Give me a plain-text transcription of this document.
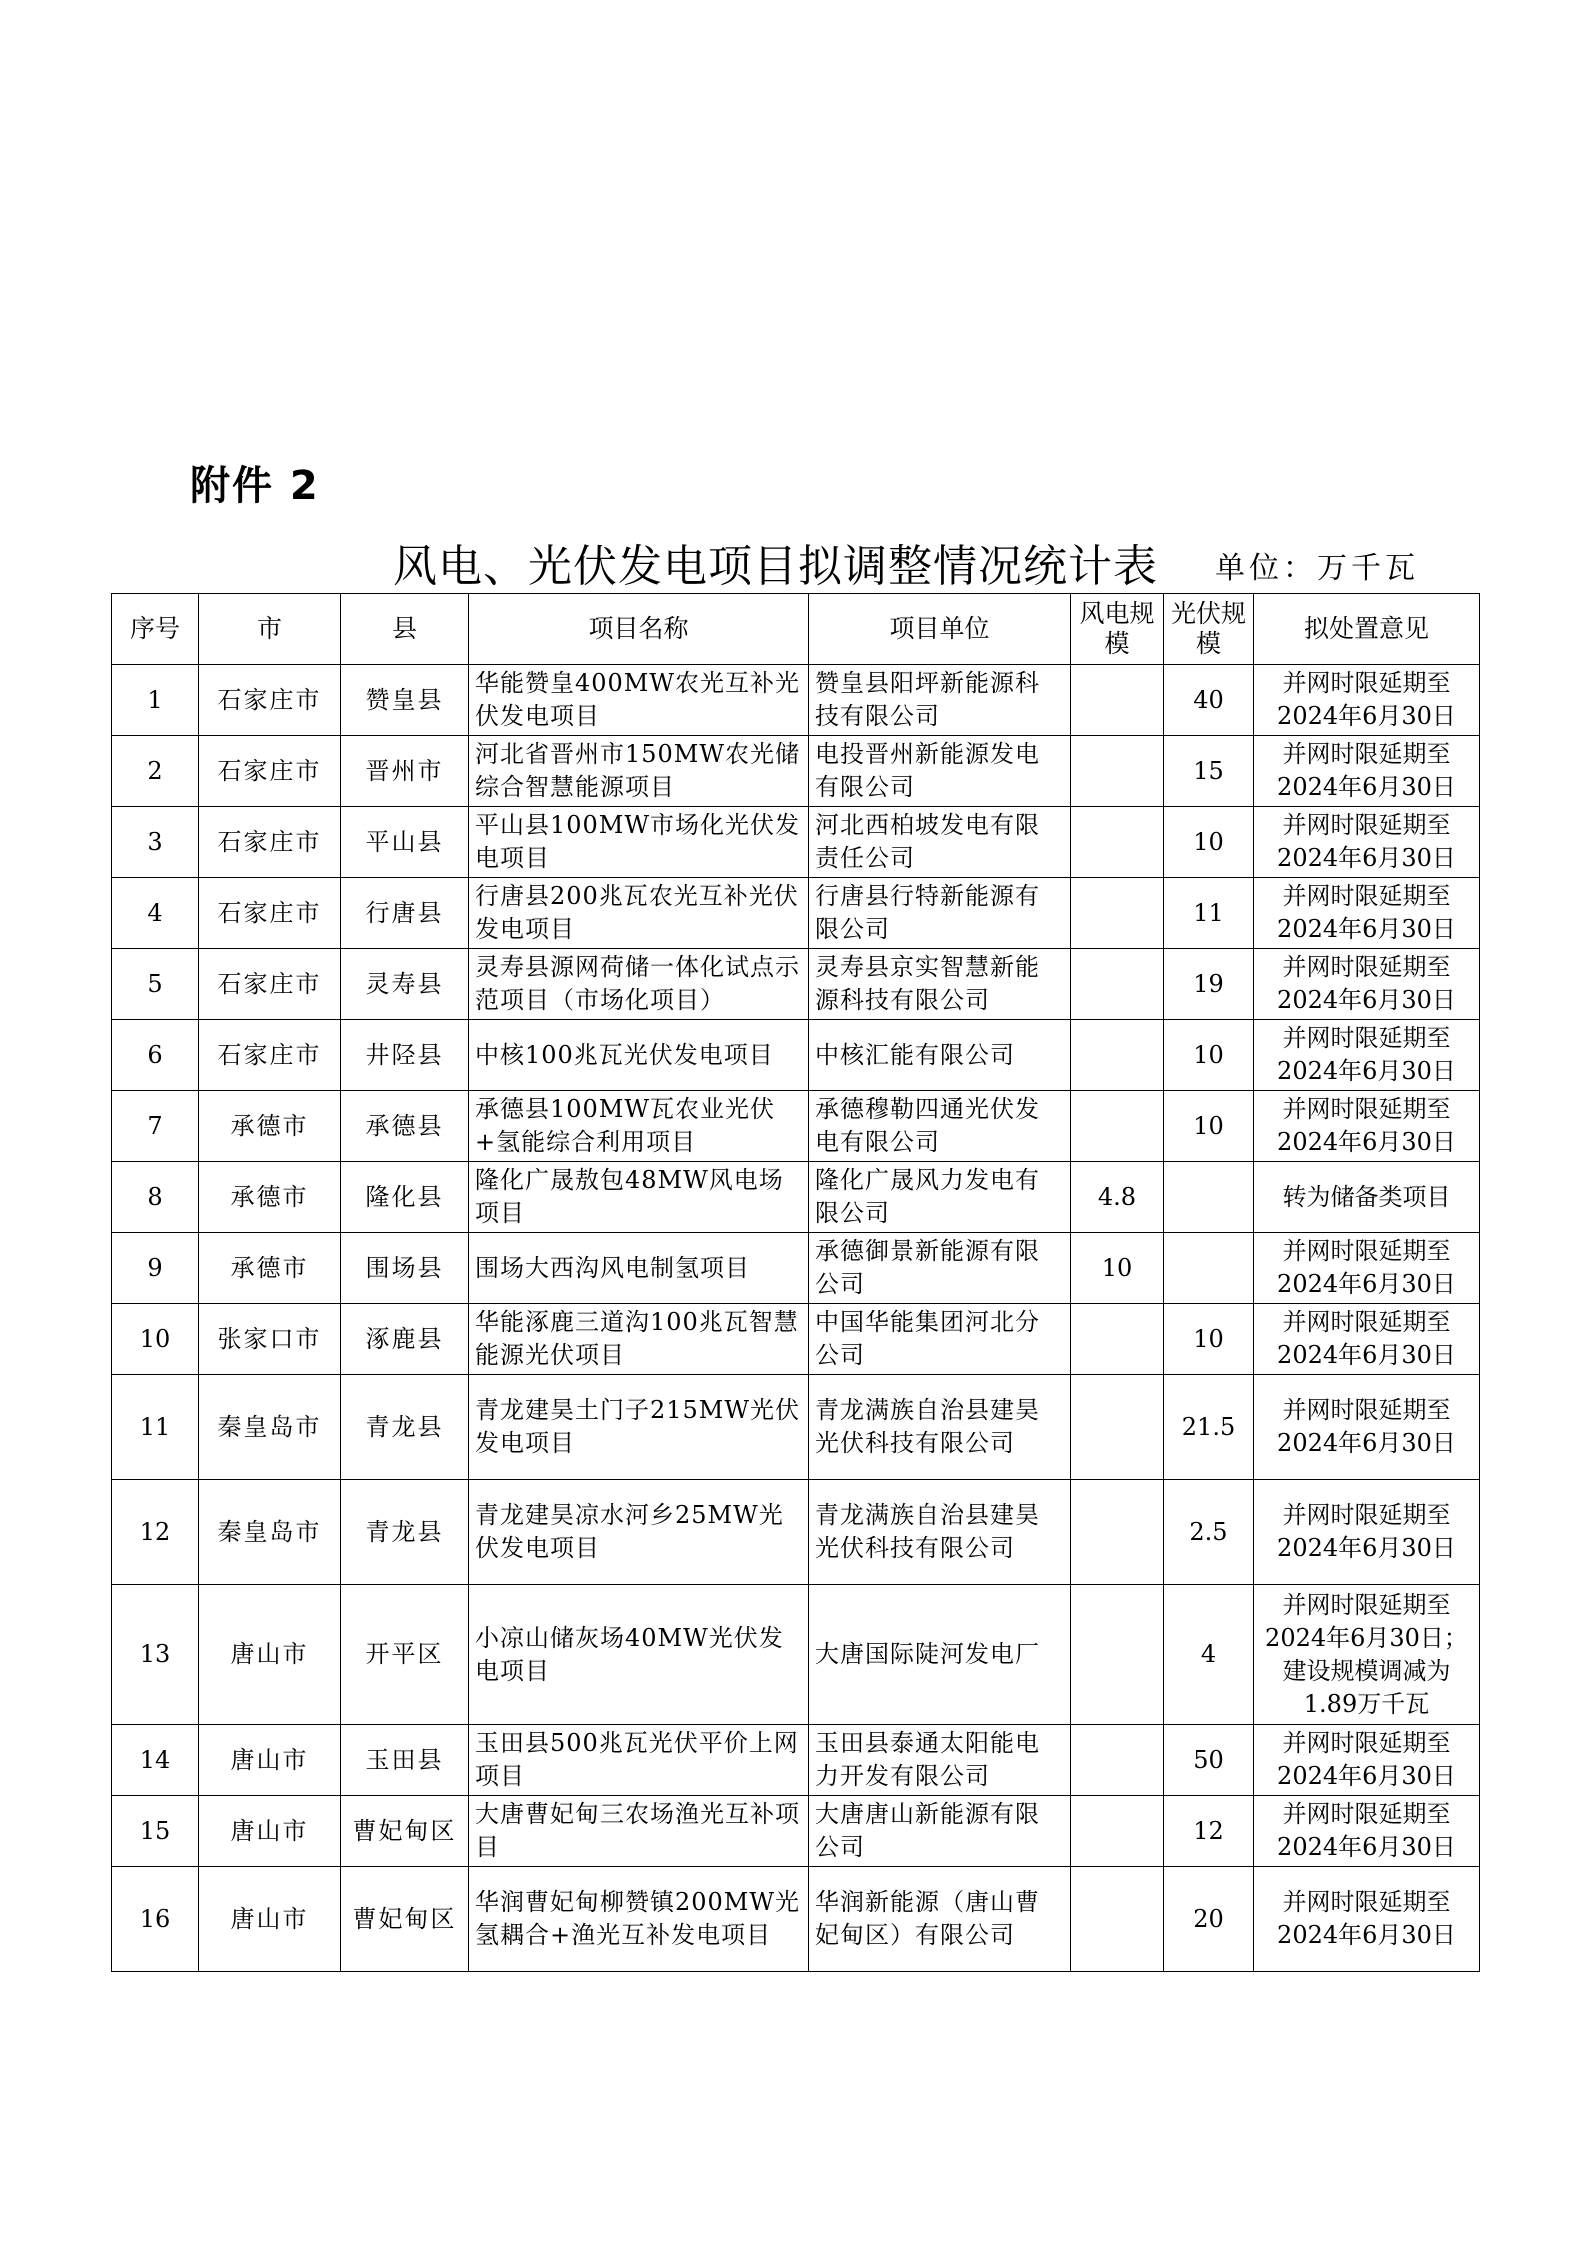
附件 2
风电、光伏发电项目拟调整情况统计表 单位：万千瓦
序号	市	县	项目名称	项目单位	风电规模	光伏规模	拟处置意见
1	石家庄市	赞皇县	华能赞皇400MW农光互补光伏发电项目	赞皇县阳坪新能源科技有限公司		40	并网时限延期至2024年6月30日
2	石家庄市	晋州市	河北省晋州市150MW农光储综合智慧能源项目	电投晋州新能源发电有限公司		15	并网时限延期至2024年6月30日
3	石家庄市	平山县	平山县100MW市场化光伏发电项目	河北西柏坡发电有限责任公司		10	并网时限延期至2024年6月30日
4	石家庄市	行唐县	行唐县200兆瓦农光互补光伏发电项目	行唐县行特新能源有限公司		11	并网时限延期至2024年6月30日
5	石家庄市	灵寿县	灵寿县源网荷储一体化试点示范项目（市场化项目）	灵寿县京实智慧新能源科技有限公司		19	并网时限延期至2024年6月30日
6	石家庄市	井陉县	中核100兆瓦光伏发电项目	中核汇能有限公司		10	并网时限延期至2024年6月30日
7	承德市	承德县	承德县100MW瓦农业光伏+氢能综合利用项目	承德穆勒四通光伏发电有限公司		10	并网时限延期至2024年6月30日
8	承德市	隆化县	隆化广晟敖包48MW风电场项目	隆化广晟风力发电有限公司	4.8		转为储备类项目
9	承德市	围场县	围场大西沟风电制氢项目	承德御景新能源有限公司	10		并网时限延期至2024年6月30日
10	张家口市	涿鹿县	华能涿鹿三道沟100兆瓦智慧能源光伏项目	中国华能集团河北分公司		10	并网时限延期至2024年6月30日
11	秦皇岛市	青龙县	青龙建昊土门子215MW光伏发电项目	青龙满族自治县建昊光伏科技有限公司		21.5	并网时限延期至2024年6月30日
12	秦皇岛市	青龙县	青龙建昊凉水河乡25MW光伏发电项目	青龙满族自治县建昊光伏科技有限公司		2.5	并网时限延期至2024年6月30日
13	唐山市	开平区	小凉山储灰场40MW光伏发电项目	大唐国际陡河发电厂		4	并网时限延期至2024年6月30日；建设规模调减为1.89万千瓦
14	唐山市	玉田县	玉田县500兆瓦光伏平价上网项目	玉田县泰通太阳能电力开发有限公司		50	并网时限延期至2024年6月30日
15	唐山市	曹妃甸区	大唐曹妃甸三农场渔光互补项目	大唐唐山新能源有限公司		12	并网时限延期至2024年6月30日
16	唐山市	曹妃甸区	华润曹妃甸柳赞镇200MW光氢耦合+渔光互补发电项目	华润新能源（唐山曹妃甸区）有限公司		20	并网时限延期至2024年6月30日
